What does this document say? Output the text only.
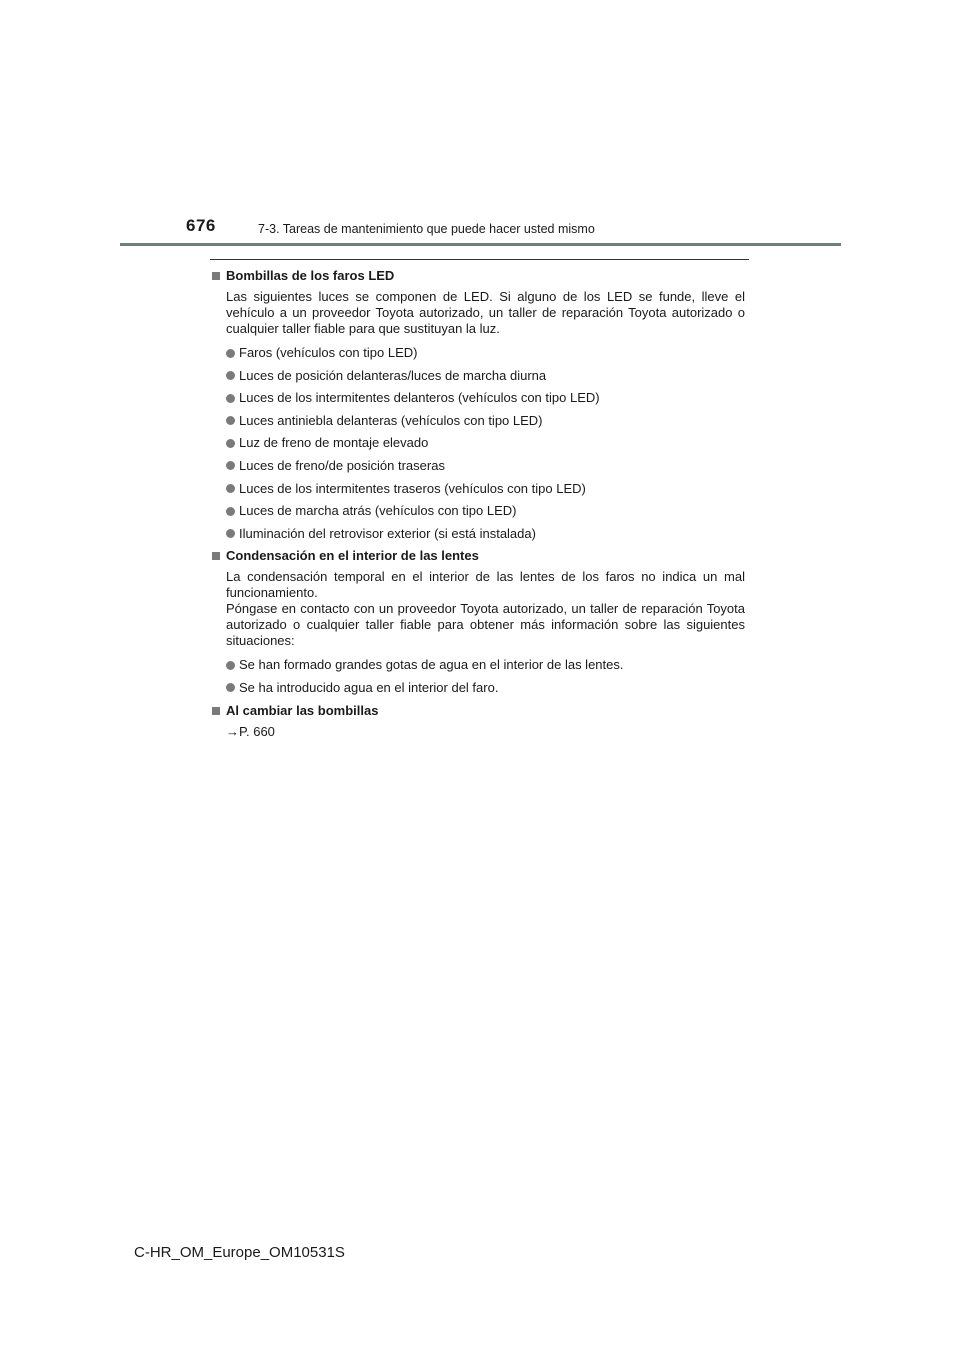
676	7-3. Tareas de mantenimiento que puede hacer usted mismo
Bombillas de los faros LED
Las siguientes luces se componen de LED. Si alguno de los LED se funde, lleve el vehículo a un proveedor Toyota autorizado, un taller de reparación Toyota autorizado o cualquier taller fiable para que sustituyan la luz.
Faros (vehículos con tipo LED)
Luces de posición delanteras/luces de marcha diurna
Luces de los intermitentes delanteros (vehículos con tipo LED)
Luces antiniebla delanteras (vehículos con tipo LED)
Luz de freno de montaje elevado
Luces de freno/de posición traseras
Luces de los intermitentes traseros (vehículos con tipo LED)
Luces de marcha atrás (vehículos con tipo LED)
Iluminación del retrovisor exterior (si está instalada)
Condensación en el interior de las lentes
La condensación temporal en el interior de las lentes de los faros no indica un mal funcionamiento.
Póngase en contacto con un proveedor Toyota autorizado, un taller de reparación Toyota autorizado o cualquier taller fiable para obtener más información sobre las siguientes situaciones:
Se han formado grandes gotas de agua en el interior de las lentes.
Se ha introducido agua en el interior del faro.
Al cambiar las bombillas
→P. 660
C-HR_OM_Europe_OM10531S
